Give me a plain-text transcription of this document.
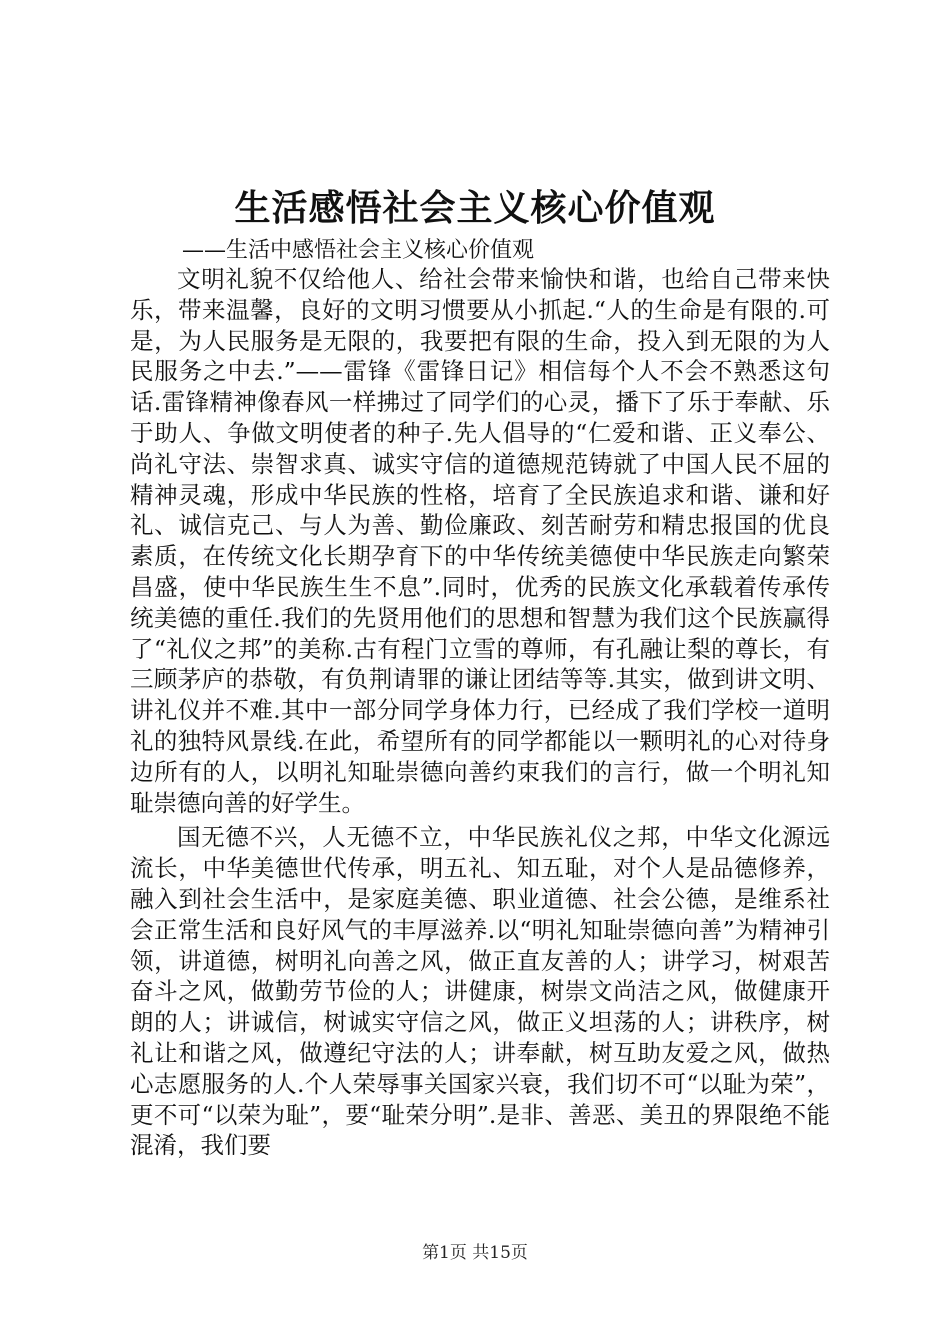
生活感悟社会主义核心价值观

——生活中感悟社会主义核心价值观

文明礼貌不仅给他人、给社会带来愉快和谐，也给自己带来快乐，带来温馨，良好的文明习惯要从小抓起.“人的生命是有限的.可是，为人民服务是无限的，我要把有限的生命，投入到无限的为人民服务之中去.”——雷锋《雷锋日记》相信每个人不会不熟悉这句话.雷锋精神像春风一样拂过了同学们的心灵，播下了乐于奉献、乐于助人、争做文明使者的种子.先人倡导的“仁爱和谐、正义奉公、尚礼守法、崇智求真、诚实守信的道德规范铸就了中国人民不屈的精神灵魂，形成中华民族的性格，培育了全民族追求和谐、谦和好礼、诚信克己、与人为善、勤俭廉政、刻苦耐劳和精忠报国的优良素质，在传统文化长期孕育下的中华传统美德使中华民族走向繁荣昌盛，使中华民族生生不息”.同时，优秀的民族文化承载着传承传统美德的重任.我们的先贤用他们的思想和智慧为我们这个民族赢得了“礼仪之邦”的美称.古有程门立雪的尊师，有孔融让梨的尊长，有三顾茅庐的恭敬，有负荆请罪的谦让团结等等.其实，做到讲文明、讲礼仪并不难.其中一部分同学身体力行，已经成了我们学校一道明礼的独特风景线.在此，希望所有的同学都能以一颗明礼的心对待身边所有的人，以明礼知耻崇德向善约束我们的言行，做一个明礼知耻崇德向善的好学生。

国无德不兴，人无德不立，中华民族礼仪之邦，中华文化源远流长，中华美德世代传承，明五礼、知五耻，对个人是品德修养，融入到社会生活中，是家庭美德、职业道德、社会公德，是维系社会正常生活和良好风气的丰厚滋养.以“明礼知耻崇德向善”为精神引领，讲道德，树明礼向善之风，做正直友善的人；讲学习，树艰苦奋斗之风，做勤劳节俭的人；讲健康，树崇文尚洁之风，做健康开朗的人；讲诚信，树诚实守信之风，做正义坦荡的人；讲秩序，树礼让和谐之风，做遵纪守法的人；讲奉献，树互助友爱之风，做热心志愿服务的人.个人荣辱事关国家兴衰，我们切不可“以耻为荣”，更不可“以荣为耻”，要“耻荣分明”.是非、善恶、美丑的界限绝不能混淆，我们要

第1页 共15页
